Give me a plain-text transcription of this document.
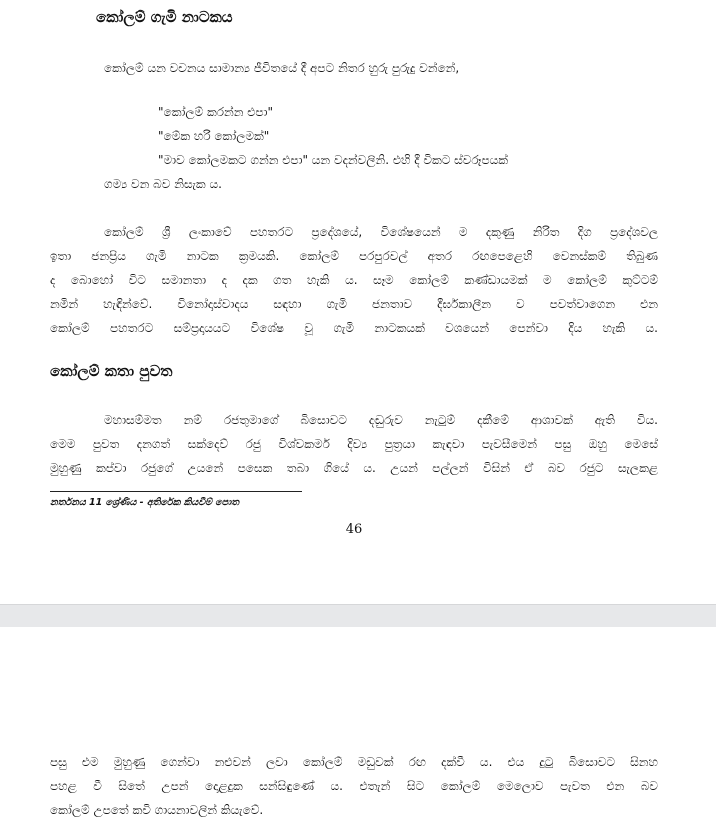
කෝලම් ගැමි නාටකය
කෝලම් යන වචනය සාමාන්‍ය ජීවිතයේ දී අපට නිතර හුරු පුරුදු වන්නේ,
"කෝලම් කරන්න එපා"
"මේක හරි කෝලමක්"
"මාව කෝලමකට ගන්න එපා" යන වදන්වලිනි. එහි දී විකට ස්වරූපයක්
ගම්‍ය වන බව නිසැක ය.
කෝලම් ශ්‍රී ලංකාවේ පහතරට ප්‍රදේශයේ, විශේෂයෙන් ම දකුණු නිරිත දිග ප්‍රදේශවල
ඉතා ජනප්‍රිය ගැමි නාටක ක්‍රමයකි. කෝලම් පරපුරවල් අතර රඟපෙළෙහි වෙනස්කම් තිබුණ
ද බොහෝ විට සමානතා ද දක ගත හැකි ය. සෑම කෝලම් කණ්ඩායමක් ම කෝලම් කුට්ටම්
නමින් හැඳින්වේ. විනෝදාස්වාදය සඳහා ගැමි ජනතාව දීර්ඝකාලීන ව පවත්වාගෙන එන
කෝලම් පහතරට සම්ප්‍රදායයට විශේෂ වූ ගැමි නාටකයක් වශයෙන් පෙන්වා දිය හැකි ය.
කෝලම් කතා පුවත
මහාසම්මත නම් රජතුමාගේ බිසොවට දඬුරුව නැටුම් දකීමේ ආශාවක් ඇති විය.
මෙම පුවත දනගත් සක්දෙව් රජු විශ්වකර්ම දිව්‍ය පුත්‍රයා කැඳවා පැවසීමෙන් පසු ඔහු මෙසේ
මුහුණු කප්වා රජුගේ උයනේ පසෙක තබා ගියේ ය. උයන් පල්ලන් විසින් ඒ බව රජුට සැලකළ
නර්තනය 11 ශ්‍රේණිය - අතිරේක කියවීම් පොත
46
පසු එම මුහුණු ගෙන්වා නළුවන් ලවා කෝලම් මඩුවක් රඟ දක්වී ය. එය දුටු බිසොවට සිනහ
පහළ වී සිතේ උපන් දොළදුක සන්සිඳුණේ ය. එතැන් සිට කෝලම් මෙලොව පැවත එන බව
කෝලම් උපතේ කවි ගායනාවලින් කියැවේ.
